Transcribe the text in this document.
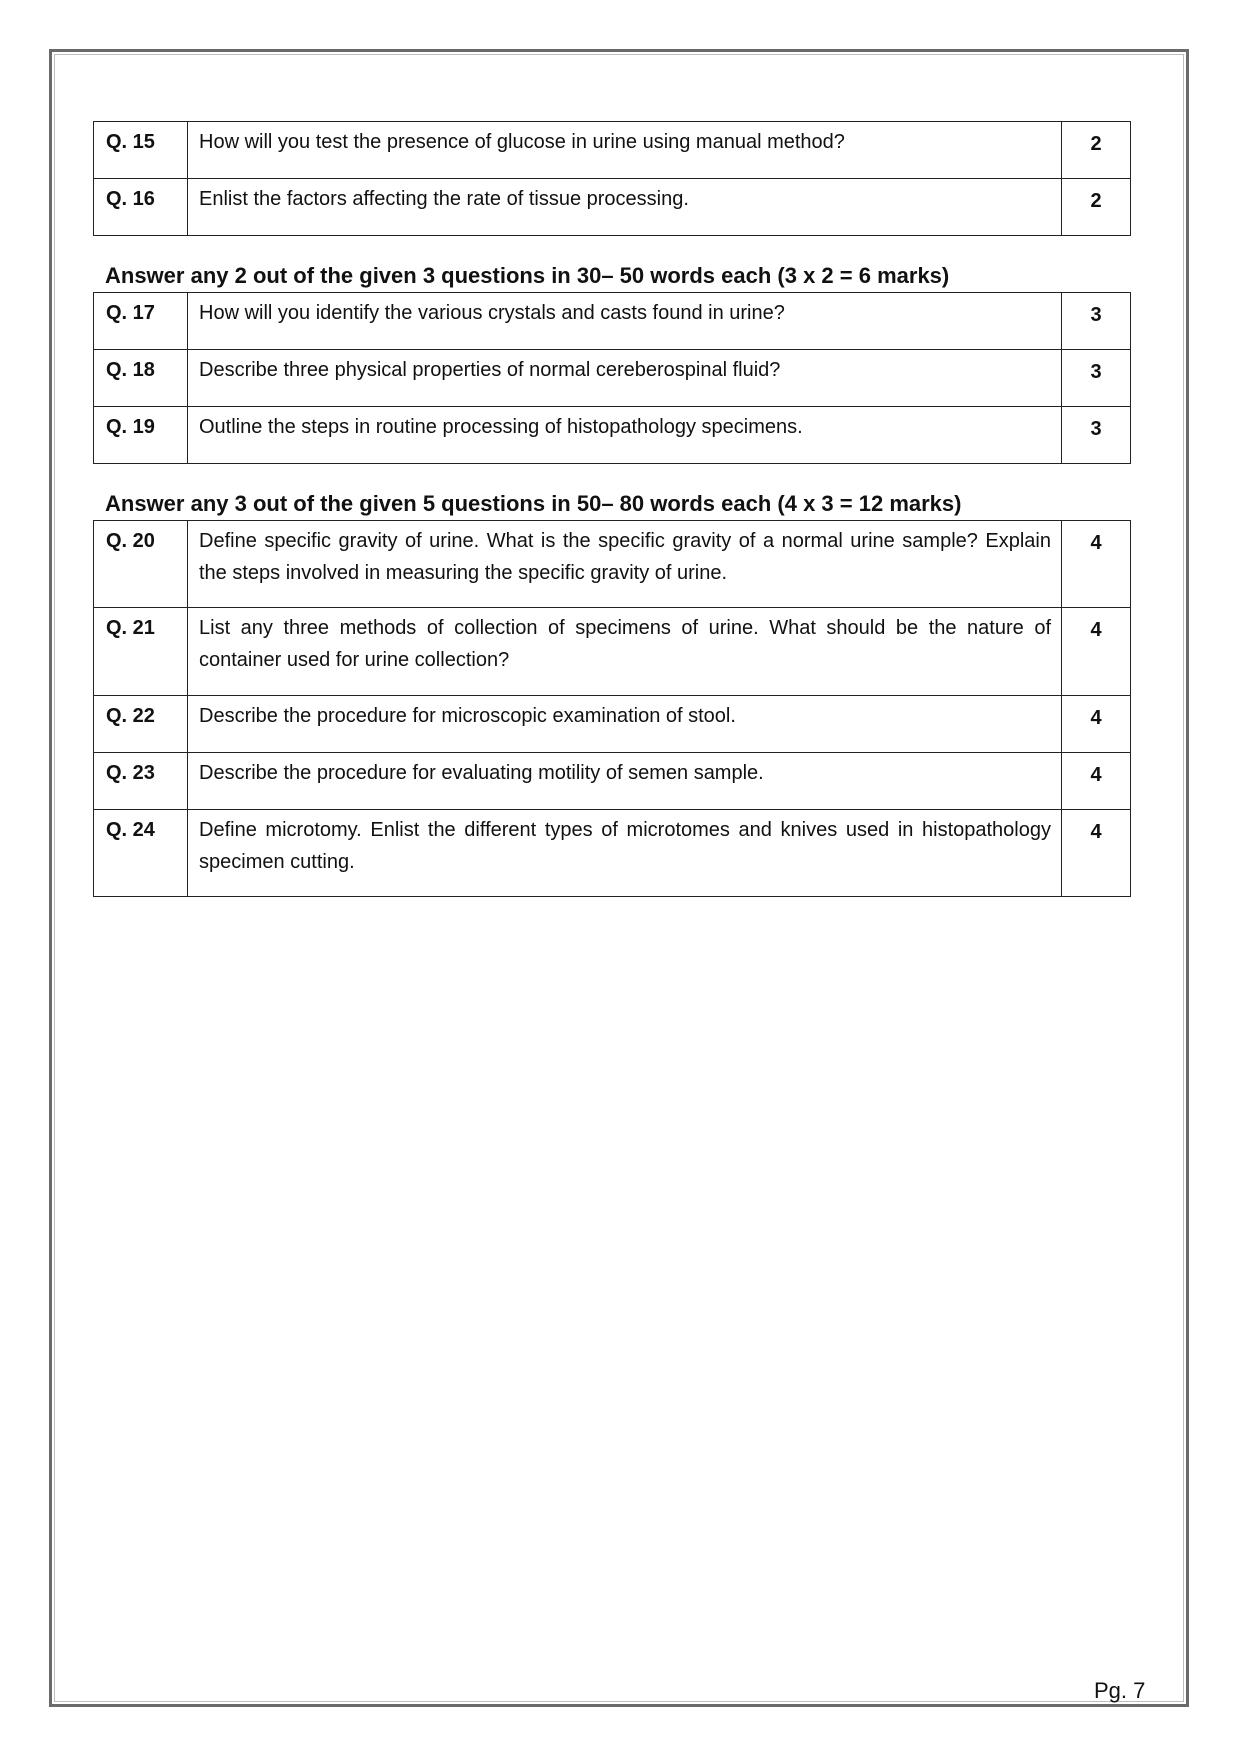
Q. 15	How will you test the presence of glucose in urine using manual method?	2
Q. 16	Enlist the factors affecting the rate of tissue processing.	2

Answer any 2 out of the given 3 questions in 30– 50 words each (3 x 2 = 6 marks)

Q. 17	How will you identify the various crystals and casts found in urine?	3
Q. 18	Describe three physical properties of normal cereberospinal fluid?	3
Q. 19	Outline the steps in routine processing of histopathology specimens.	3

Answer any 3 out of the given 5 questions in 50– 80 words each (4 x 3 = 12 marks)

Q. 20	Define specific gravity of urine. What is the specific gravity of a normal urine sample? Explain the steps involved in measuring the specific gravity of urine.	4
Q. 21	List any three methods of collection of specimens of urine. What should be the nature of container used for urine collection?	4
Q. 22	Describe the procedure for microscopic examination of stool.	4
Q. 23	Describe the procedure for evaluating motility of semen sample.	4
Q. 24	Define microtomy. Enlist the different types of microtomes and knives used in histopathology specimen cutting.	4
Pg. 7
